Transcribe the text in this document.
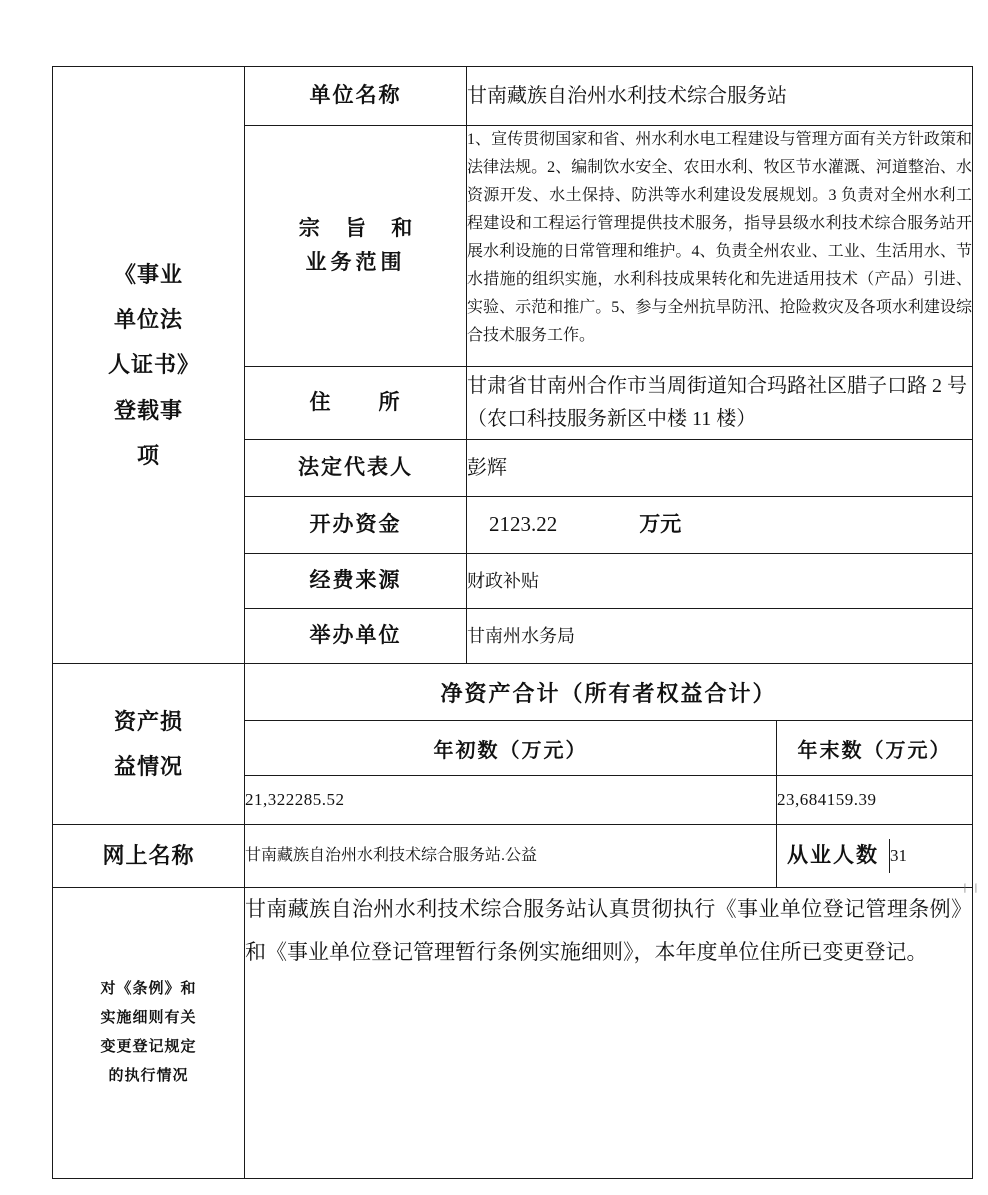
《事业单位法人证书》登载事项
	单位名称	甘南藏族自治州水利技术综合服务站

宗 旨 和
业务范围
	1、宣传贯彻国家和省、州水利水电工程建设与管理方面有关方针政策和法律法规。2、编制饮水安全、农田水利、牧区节水灌溉、河道整治、水资源开发、水土保持、防洪等水利建设发展规划。3 负责对全州水利工程建设和工程运行管理提供技术服务，指导县级水利技术综合服务站开展水利设施的日常管理和维护。4、负责全州农业、工业、生活用水、节水措施的组织实施，水利科技成果转化和先进适用技术（产品）引进、实验、示范和推广。5、参与全州抗旱防汛、抢险救灾及各项水利建设综合技术服务工作。
住　　所	甘肃省甘南州合作市当周街道知合玛路社区腊子口路 2 号（农口科技服务新区中楼 11 楼）
法定代表人	彭辉
开办资金	2123.22	万元
经费来源	财政补贴
举办单位	甘南州水务局

资产损益情况
	净资产合计（所有者权益合计）
年初数（万元）	年末数（万元）
21,322285.52	23,684159.39
网上名称	甘南藏族自治州水利技术综合服务站.公益		从业人数	31

对《条例》和实施细则有关变更登记规定的执行情况
	甘南藏族自治州水利技术综合服务站认真贯彻执行《事业单位登记管理条例》和《事业单位登记管理暂行条例实施细则》，本年度单位住所已变更登记。
丨丨
